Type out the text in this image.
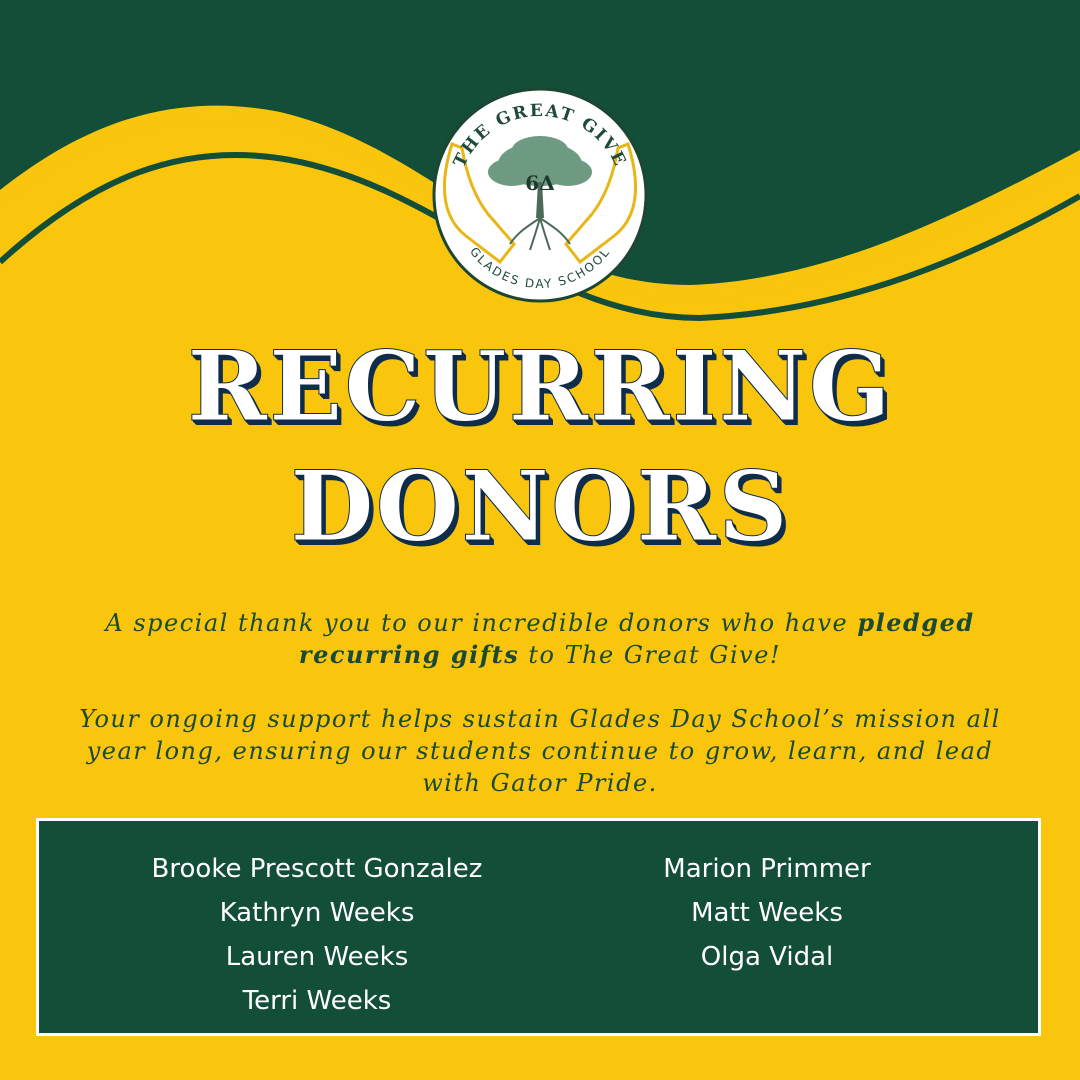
6Δ
THE GREAT GIVE
GLADES DAY SCHOOL
RECURRING
DONORS
A special thank you to our incredible donors who have pledged recurring gifts to The Great Give!
Your ongoing support helps sustain Glades Day School’s mission all year long, ensuring our students continue to grow, learn, and lead with Gator Pride.
Brooke Prescott Gonzalez
Kathryn Weeks
Lauren Weeks
Terri Weeks
Marion Primmer
Matt Weeks
Olga Vidal
